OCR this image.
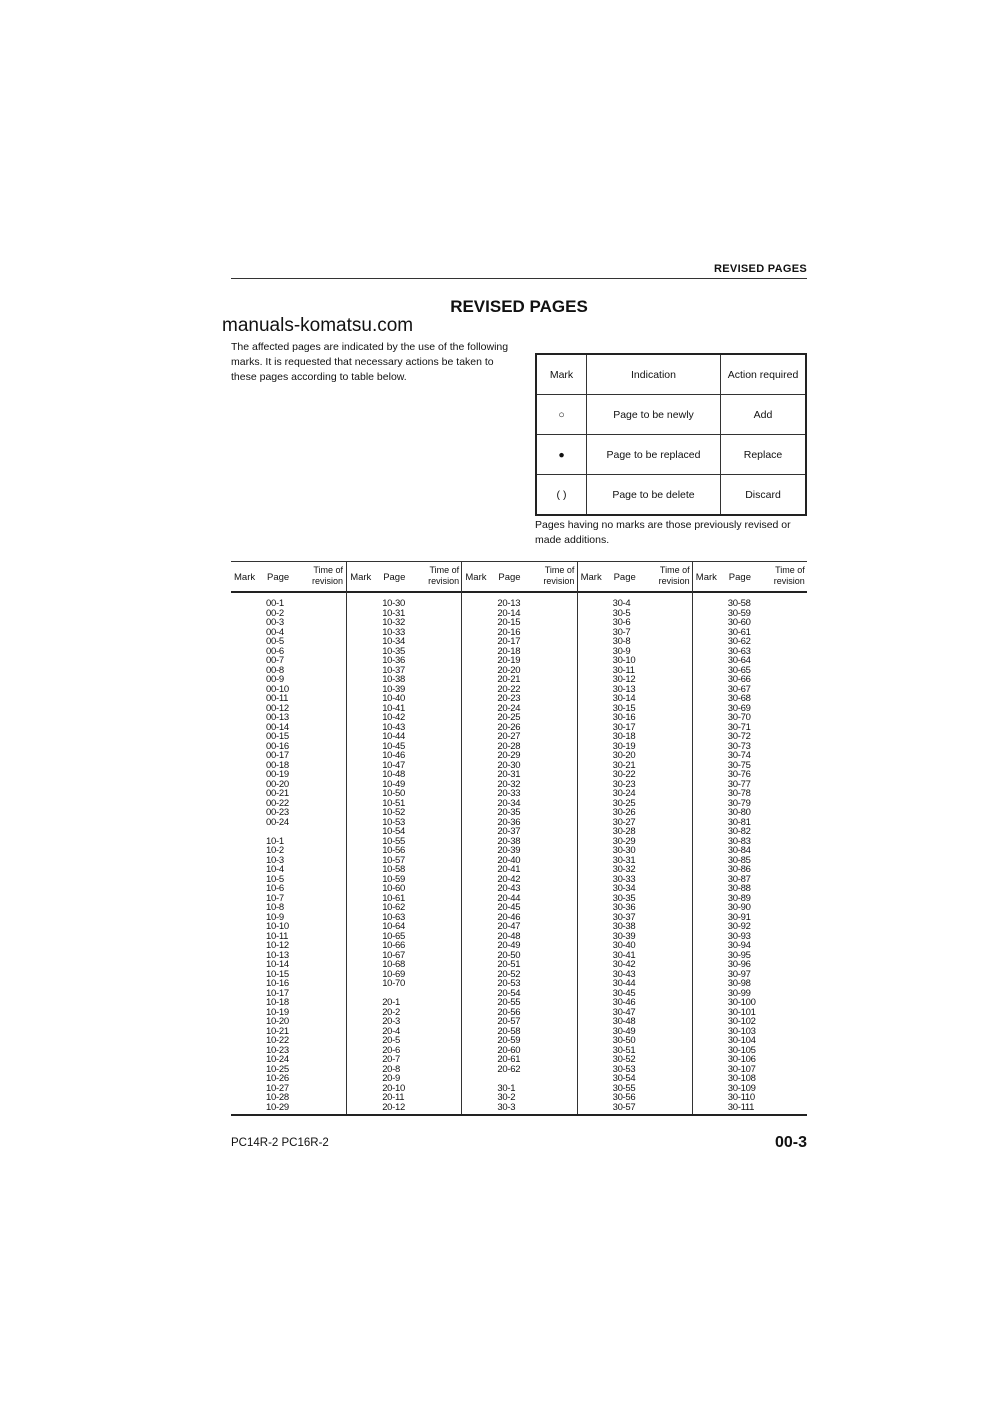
REVISED PAGES
REVISED PAGES
manuals-komatsu.com
The affected pages are indicated by the use of the following marks. It is requested that necessary actions be taken to these pages according to table below.	Mark	Indication	Action required
○	Page to be newly	Add
●	Page to be replaced	Replace
( )	Page to be delete	Discard
Pages having no marks are those previously revised or made additions.
Mark Page
Time of
revision
00-1
00-2
00-3
00-4
00-5
00-6
00-7
00-8
00-9
00-10
00-11
00-12
00-13
00-14
00-15
00-16
00-17
00-18
00-19
00-20
00-21
00-22
00-23
00-24
10-1
10-2
10-3
10-4
10-5
10-6
10-7
10-8
10-9
10-10
10-11
10-12
10-13
10-14
10-15
10-16
10-17
10-18
10-19
10-20
10-21
10-22
10-23
10-24
10-25
10-26
10-27
10-28
10-29
Mark Page
Time of
revision
10-30
10-31
10-32
10-33
10-34
10-35
10-36
10-37
10-38
10-39
10-40
10-41
10-42
10-43
10-44
10-45
10-46
10-47
10-48
10-49
10-50
10-51
10-52
10-53
10-54
10-55
10-56
10-57
10-58
10-59
10-60
10-61
10-62
10-63
10-64
10-65
10-66
10-67
10-68
10-69
10-70
20-1
20-2
20-3
20-4
20-5
20-6
20-7
20-8
20-9
20-10
20-11
20-12
Mark Page
Time of
revision
20-13
20-14
20-15
20-16
20-17
20-18
20-19
20-20
20-21
20-22
20-23
20-24
20-25
20-26
20-27
20-28
20-29
20-30
20-31
20-32
20-33
20-34
20-35
20-36
20-37
20-38
20-39
20-40
20-41
20-42
20-43
20-44
20-45
20-46
20-47
20-48
20-49
20-50
20-51
20-52
20-53
20-54
20-55
20-56
20-57
20-58
20-59
20-60
20-61
20-62
30-1
30-2
30-3
Mark Page
Time of
revision
30-4
30-5
30-6
30-7
30-8
30-9
30-10
30-11
30-12
30-13
30-14
30-15
30-16
30-17
30-18
30-19
30-20
30-21
30-22
30-23
30-24
30-25
30-26
30-27
30-28
30-29
30-30
30-31
30-32
30-33
30-34
30-35
30-36
30-37
30-38
30-39
30-40
30-41
30-42
30-43
30-44
30-45
30-46
30-47
30-48
30-49
30-50
30-51
30-52
30-53
30-54
30-55
30-56
30-57
Mark Page
Time of
revision
30-58
30-59
30-60
30-61
30-62
30-63
30-64
30-65
30-66
30-67
30-68
30-69
30-70
30-71
30-72
30-73
30-74
30-75
30-76
30-77
30-78
30-79
30-80
30-81
30-82
30-83
30-84
30-85
30-86
30-87
30-88
30-89
30-90
30-91
30-92
30-93
30-94
30-95
30-96
30-97
30-98
30-99
30-100
30-101
30-102
30-103
30-104
30-105
30-106
30-107
30-108
30-109
30-110
30-111
PC14R-2 PC16R-2	00-3
